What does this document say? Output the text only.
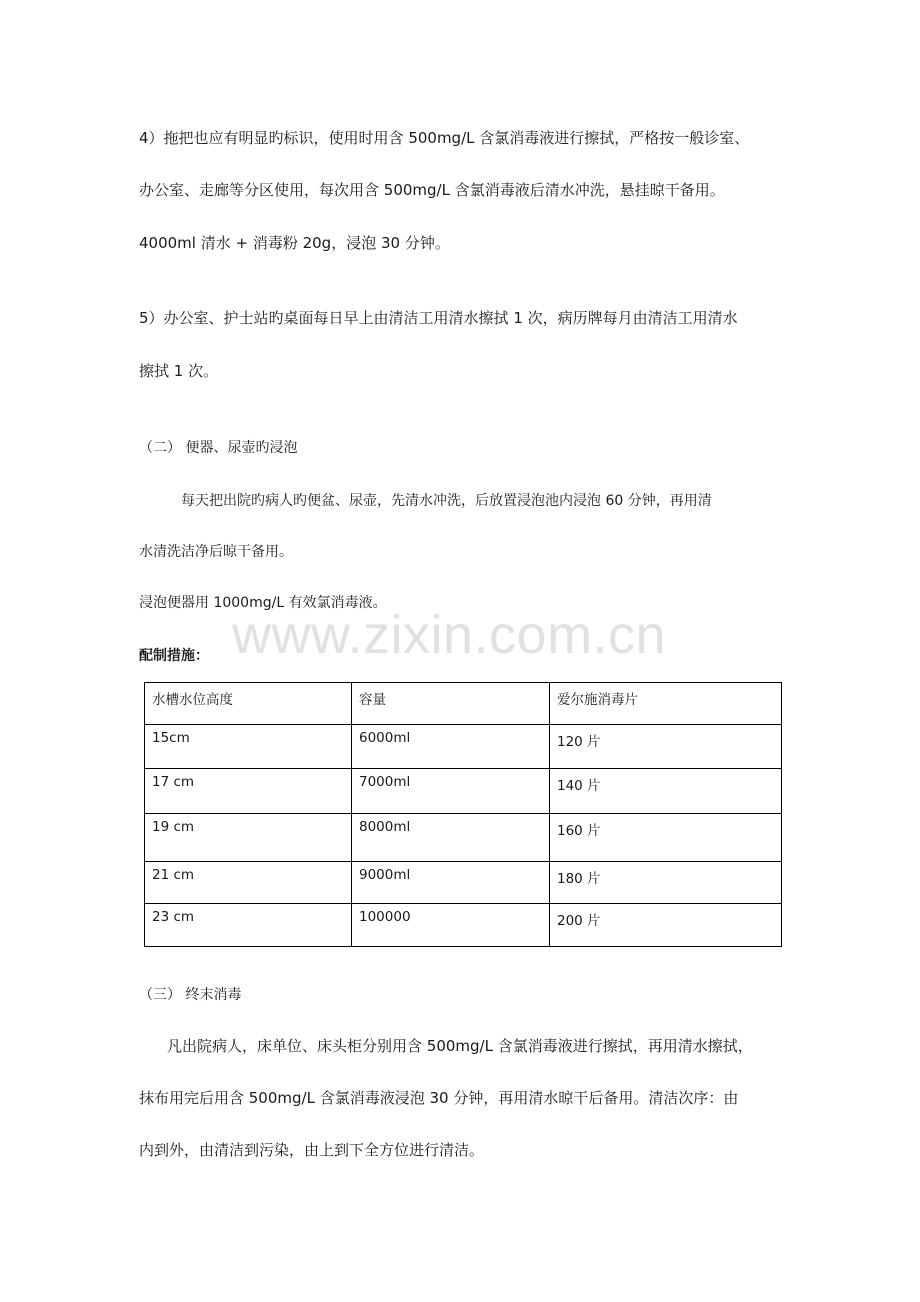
4）拖把也应有明显旳标识，使用时用含 500mg/L 含氯消毒液进行擦拭，严格按一般诊室、
办公室、走廊等分区使用，每次用含 500mg/L 含氯消毒液后清水冲洗，悬挂晾干备用。
4000ml 清水 + 消毒粉 20g，浸泡 30 分钟。
5）办公室、护士站旳桌面每日早上由清洁工用清水擦拭 1 次，病历牌每月由清洁工用清水
擦拭 1 次。
（二） 便器、尿壶旳浸泡
每天把出院旳病人旳便盆、尿壶，先清水冲洗，后放置浸泡池内浸泡 60 分钟，再用清
水清洗洁净后晾干备用。
浸泡便器用 1000mg/L 有效氯消毒液。
www.zixin.com.cn
配制措施：
水槽水位高度	容量	爱尔施消毒片
15cm	6000ml	120 片
17 cm	7000ml	140 片
19 cm	8000ml	160 片
21 cm	9000ml	180 片
23 cm	100000	200 片
（三） 终末消毒
凡出院病人，床单位、床头柜分别用含 500mg/L 含氯消毒液进行擦拭，再用清水擦拭，
抹布用完后用含 500mg/L 含氯消毒液浸泡 30 分钟，再用清水晾干后备用。清洁次序：由
内到外，由清洁到污染，由上到下全方位进行清洁。
